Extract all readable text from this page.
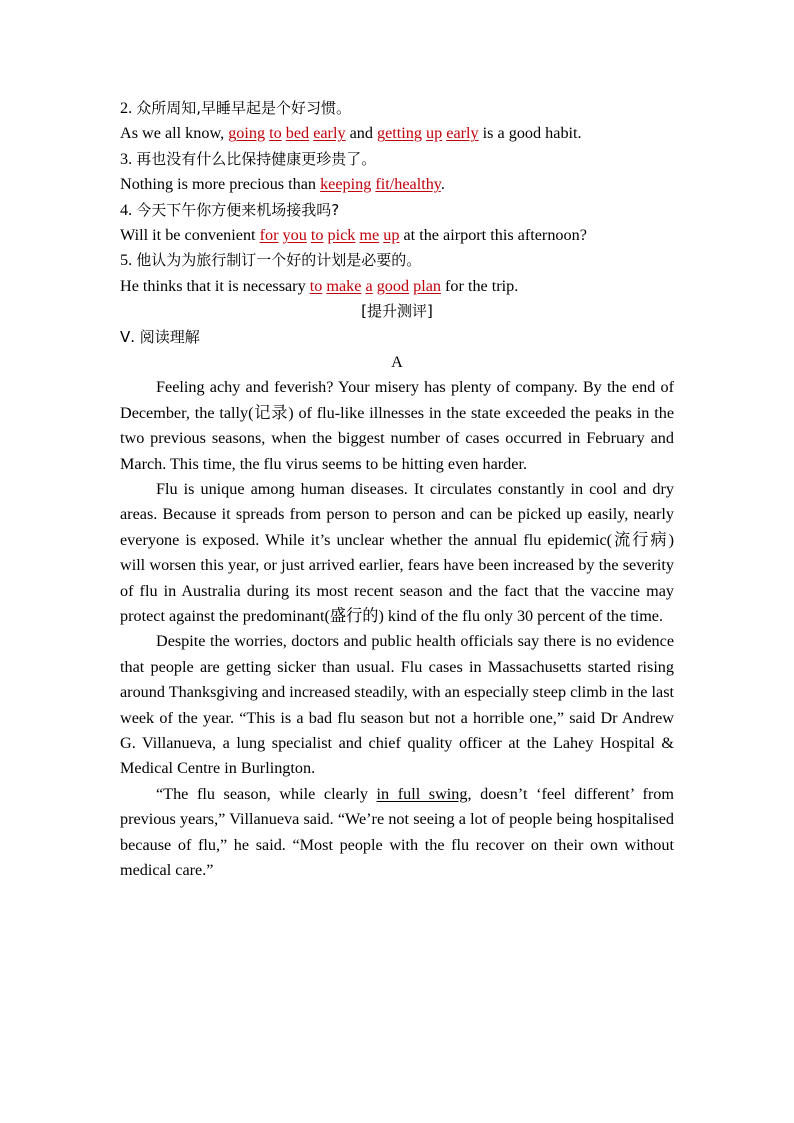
2. 众所周知,早睡早起是个好习惯。
As we all know, going to bed early and getting up early is a good habit.
3. 再也没有什么比保持健康更珍贵了。
Nothing is more precious than keeping fit/healthy.
4. 今天下午你方便来机场接我吗?
Will it be convenient for you to pick me up at the airport this afternoon?
5. 他认为为旅行制订一个好的计划是必要的。
He thinks that it is necessary to make a good plan for the trip.
[提升测评]
Ⅴ. 阅读理解
A

Feeling achy and feverish? Your misery has plenty of company. By the end of December, the tally(记录) of flu-like illnesses in the state exceeded the peaks in the two previous seasons, when the biggest number of cases occurred in February and March. This time, the flu virus seems to be hitting even harder.

Flu is unique among human diseases. It circulates constantly in cool and dry areas. Because it spreads from person to person and can be picked up easily, nearly everyone is exposed. While it’s unclear whether the annual flu epidemic(流行病) will worsen this year, or just arrived earlier, fears have been increased by the severity of flu in Australia during its most recent season and the fact that the vaccine may protect against the predominant(盛行的) kind of the flu only 30 percent of the time.

Despite the worries, doctors and public health officials say there is no evidence that people are getting sicker than usual. Flu cases in Massachusetts started rising around Thanksgiving and increased steadily, with an especially steep climb in the last week of the year. “This is a bad flu season but not a horrible one,” said Dr Andrew G. Villanueva, a lung specialist and chief quality officer at the Lahey Hospital & Medical Centre in Burlington.

“The flu season, while clearly in full swing, doesn’t ‘feel different’ from previous years,” Villanueva said. “We’re not seeing a lot of people being hospitalised because of flu,” he said. “Most people with the flu recover on their own without medical care.”
